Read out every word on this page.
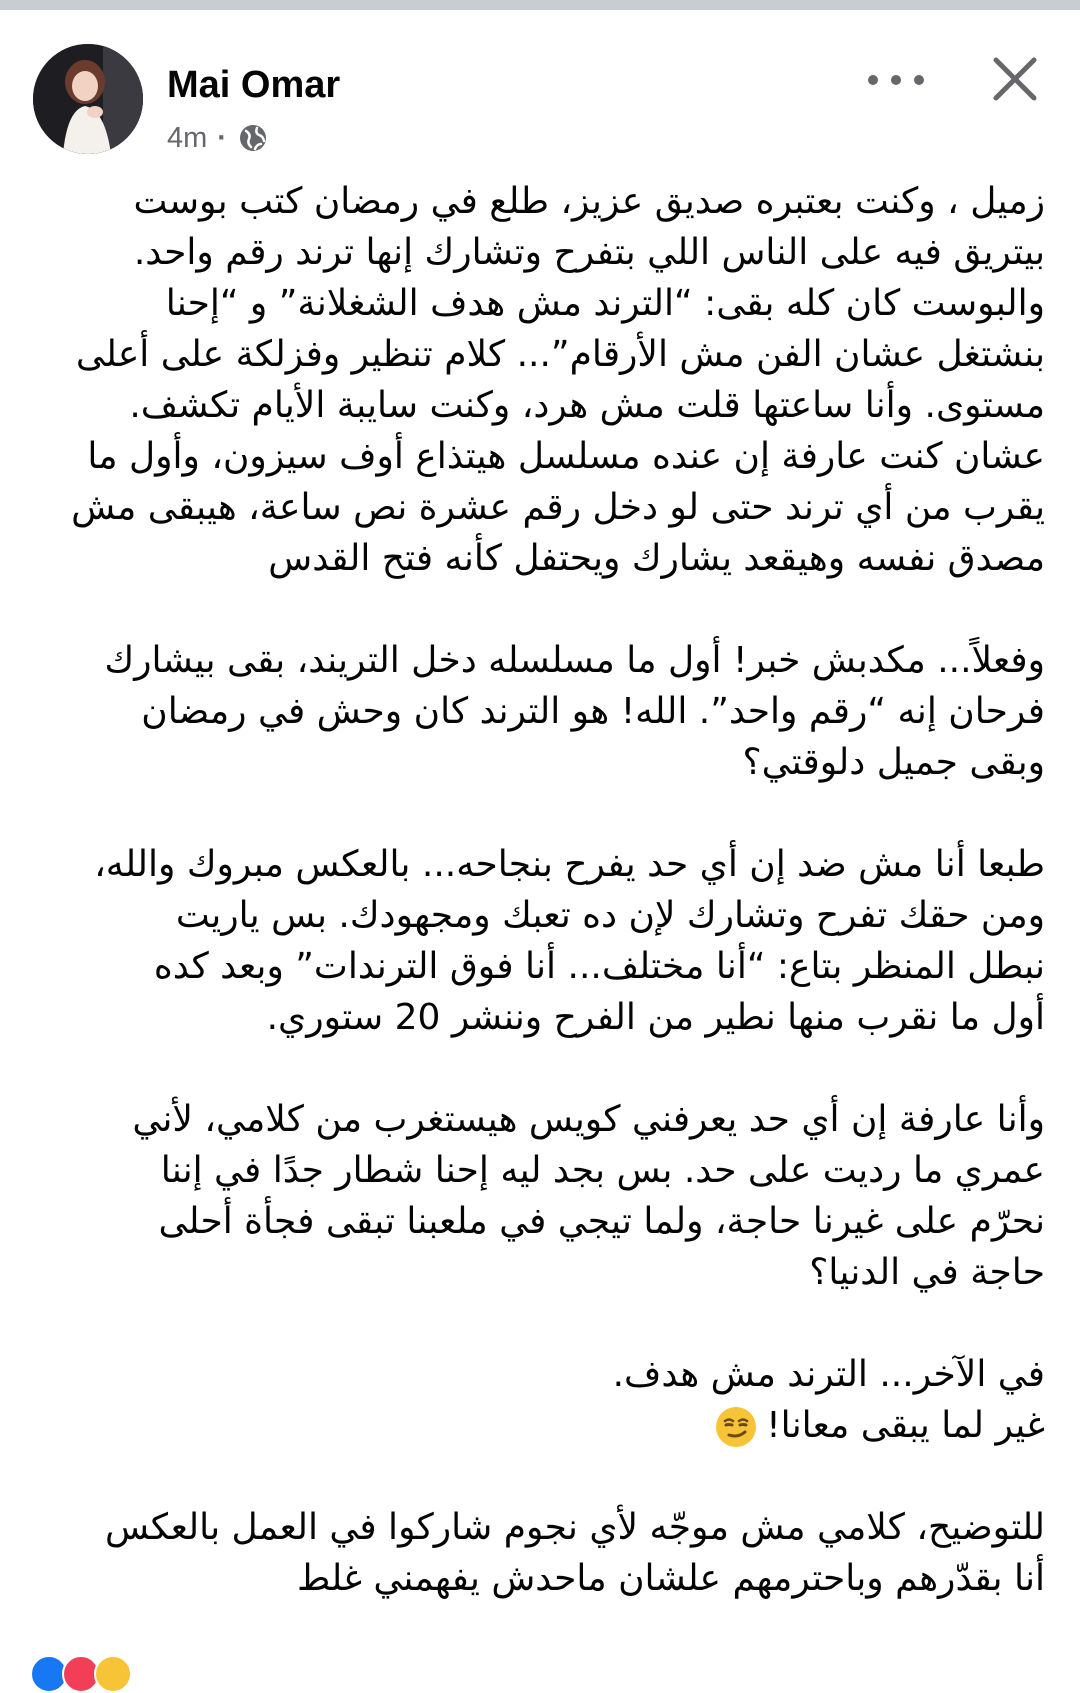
Mai Omar
4m ·
زميل ، وكنت بعتبره صديق عزيز، طلع في رمضان كتب بوست
بيتريق فيه على الناس اللي بتفرح وتشارك إنها ترند رقم واحد.
والبوست كان كله بقى: “الترند مش هدف الشغلانة” و “إحنا
بنشتغل عشان الفن مش الأرقام”... كلام تنظير وفزلكة على أعلى
مستوى. وأنا ساعتها قلت مش هرد، وكنت سايبة الأيام تكشف.
عشان كنت عارفة إن عنده مسلسل هيتذاع أوف سيزون، وأول ما
يقرب من أي ترند حتى لو دخل رقم عشرة نص ساعة، هيبقى مش
مصدق نفسه وهيقعد يشارك ويحتفل كأنه فتح القدس
وفعلاً... مكدبش خبر! أول ما مسلسله دخل التريند، بقى بيشارك
فرحان إنه “رقم واحد”. الله! هو الترند كان وحش في رمضان
وبقى جميل دلوقتي؟
طبعا أنا مش ضد إن أي حد يفرح بنجاحه... بالعكس مبروك والله،
ومن حقك تفرح وتشارك لإن ده تعبك ومجهودك. بس ياريت
نبطل المنظر بتاع: “أنا مختلف... أنا فوق الترندات” وبعد كده
أول ما نقرب منها نطير من الفرح وننشر 20 ستوري.
وأنا عارفة إن أي حد يعرفني كويس هيستغرب من كلامي، لأني
عمري ما رديت على حد. بس بجد ليه إحنا شطار جدًا في إننا
نحرّم على غيرنا حاجة، ولما تيجي في ملعبنا تبقى فجأة أحلى
حاجة في الدنيا؟
في الآخر... الترند مش هدف.
غير لما يبقى معانا!
للتوضيح، كلامي مش موجّه لأي نجوم شاركوا في العمل بالعكس
أنا بقدّرهم وباحترمهم علشان ماحدش يفهمني غلط
